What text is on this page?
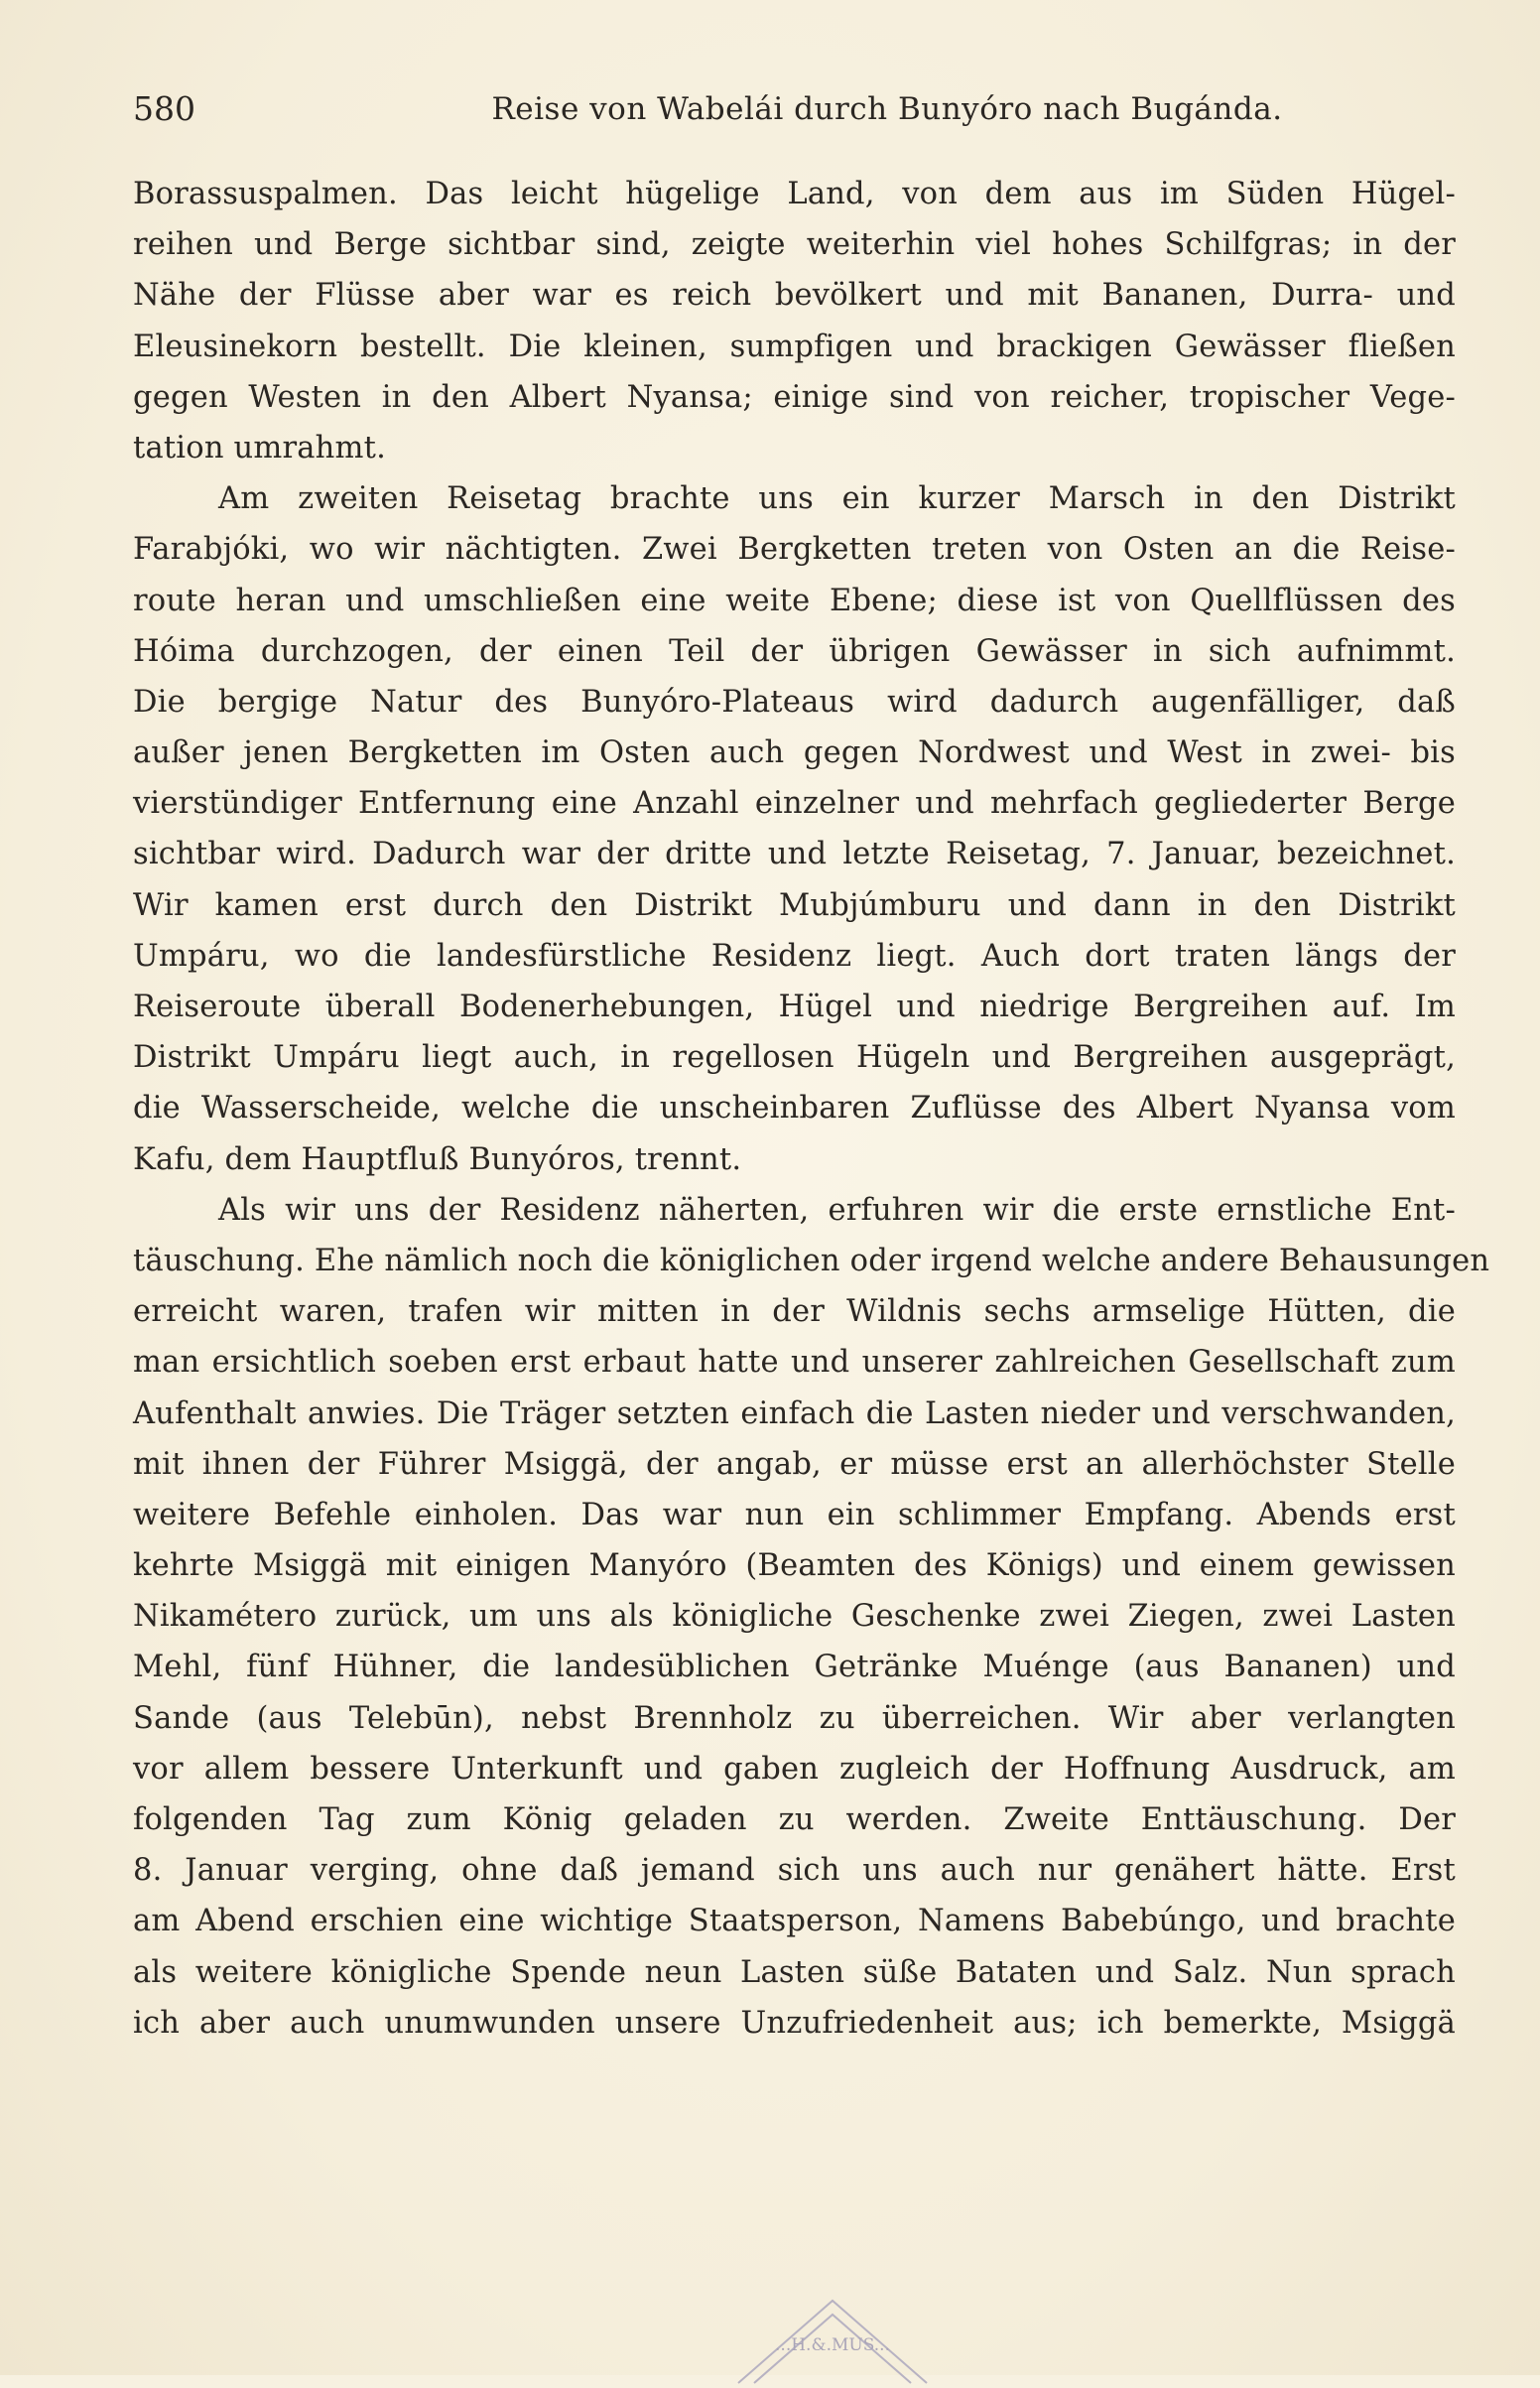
580	Reise von Wabelái durch Bunyóro nach Bugánda.
Borassuspalmen. Das leicht hügelige Land, von dem aus im Süden Hügel-
reihen und Berge sichtbar sind, zeigte weiterhin viel hohes Schilfgras; in der
Nähe der Flüsse aber war es reich bevölkert und mit Bananen, Durra- und
Eleusinekorn bestellt. Die kleinen, sumpfigen und brackigen Gewässer fließen
gegen Westen in den Albert Nyansa; einige sind von reicher, tropischer Vege-
tation umrahmt.
Am zweiten Reisetag brachte uns ein kurzer Marsch in den Distrikt
Farabjóki, wo wir nächtigten. Zwei Bergketten treten von Osten an die Reise-
route heran und umschließen eine weite Ebene; diese ist von Quellflüssen des
Hóima durchzogen, der einen Teil der übrigen Gewässer in sich aufnimmt.
Die bergige Natur des Bunyóro-Plateaus wird dadurch augenfälliger, daß
außer jenen Bergketten im Osten auch gegen Nordwest und West in zwei- bis
vierstündiger Entfernung eine Anzahl einzelner und mehrfach gegliederter Berge
sichtbar wird. Dadurch war der dritte und letzte Reisetag, 7. Januar, bezeichnet.
Wir kamen erst durch den Distrikt Mubjúmburu und dann in den Distrikt
Umpáru, wo die landesfürstliche Residenz liegt. Auch dort traten längs der
Reiseroute überall Bodenerhebungen, Hügel und niedrige Bergreihen auf. Im
Distrikt Umpáru liegt auch, in regellosen Hügeln und Bergreihen ausgeprägt,
die Wasserscheide, welche die unscheinbaren Zuflüsse des Albert Nyansa vom
Kafu, dem Hauptfluß Bunyóros, trennt.
Als wir uns der Residenz näherten, erfuhren wir die erste ernstliche Ent-
täuschung. Ehe nämlich noch die königlichen oder irgend welche andere Behausungen
erreicht waren, trafen wir mitten in der Wildnis sechs armselige Hütten, die
man ersichtlich soeben erst erbaut hatte und unserer zahlreichen Gesellschaft zum
Aufenthalt anwies. Die Träger setzten einfach die Lasten nieder und verschwanden,
mit ihnen der Führer Msiggä, der angab, er müsse erst an allerhöchster Stelle
weitere Befehle einholen. Das war nun ein schlimmer Empfang. Abends erst
kehrte Msiggä mit einigen Manyóro (Beamten des Königs) und einem gewissen
Nikamétero zurück, um uns als königliche Geschenke zwei Ziegen, zwei Lasten
Mehl, fünf Hühner, die landesüblichen Getränke Muénge (aus Bananen) und
Sande (aus Telebūn), nebst Brennholz zu überreichen. Wir aber verlangten
vor allem bessere Unterkunft und gaben zugleich der Hoffnung Ausdruck, am
folgenden Tag zum König geladen zu werden. Zweite Enttäuschung. Der
8. Januar verging, ohne daß jemand sich uns auch nur genähert hätte. Erst
am Abend erschien eine wichtige Staatsperson, Namens Babebúngo, und brachte
als weitere königliche Spende neun Lasten süße Bataten und Salz. Nun sprach
ich aber auch unumwunden unsere Unzufriedenheit aus; ich bemerkte, Msiggä
...H.&.MUS...
